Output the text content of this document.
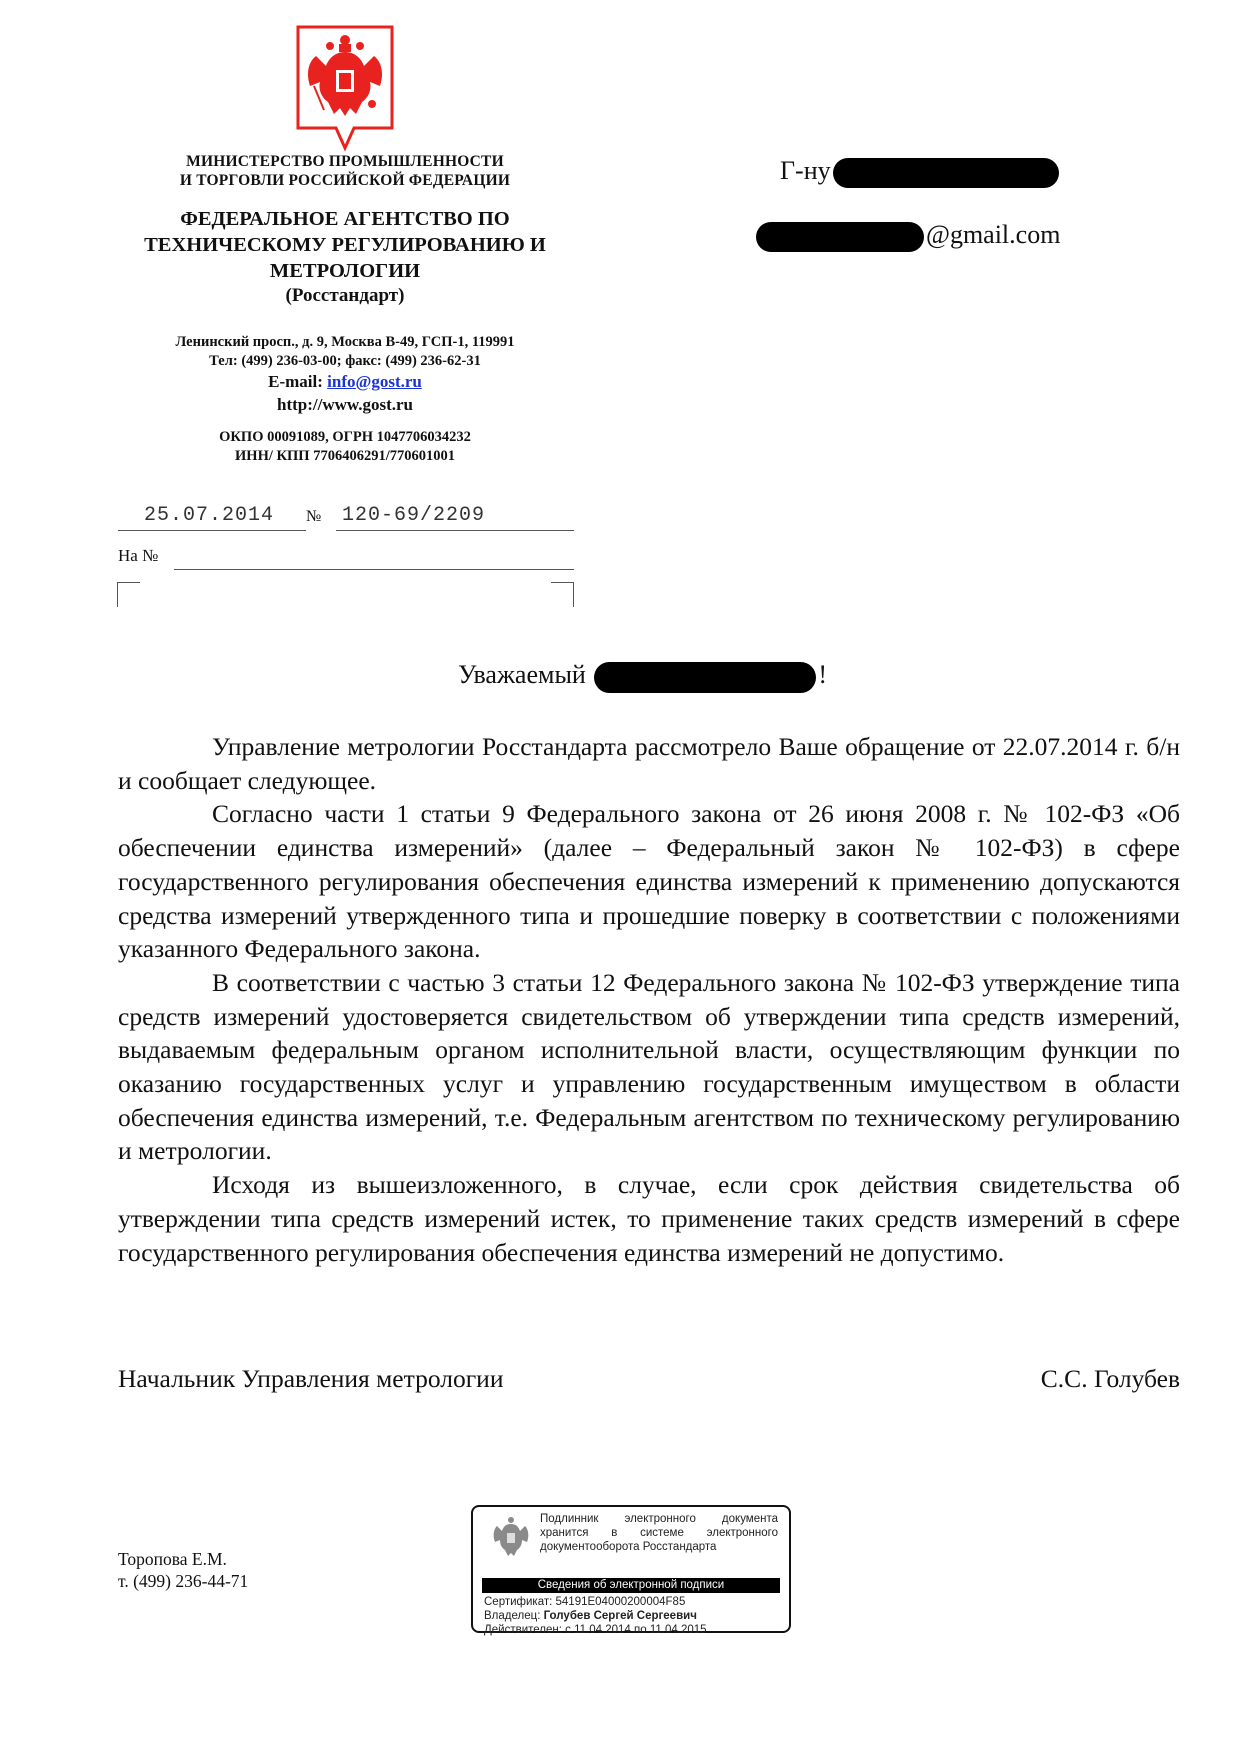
МИНИСТЕРСТВО ПРОМЫШЛЕННОСТИ
И ТОРГОВЛИ РОССИЙСКОЙ ФЕДЕРАЦИИ
ФЕДЕРАЛЬНОЕ АГЕНТСТВО ПО
ТЕХНИЧЕСКОМУ РЕГУЛИРОВАНИЮ И
МЕТРОЛОГИИ
(Росстандарт)
Ленинский просп., д. 9, Москва В-49, ГСП-1, 119991
Тел: (499) 236-03-00; факс: (499) 236-62-31
E-mail: info@gost.ru
http://www.gost.ru
ОКПО 00091089, ОГРН 1047706034232
ИНН/ КПП 7706406291/770601001
25.07.2014	№	120-69/2209
На №
Г-ну
@gmail.com
Уважаемый	!

Управление метрологии Росстандарта рассмотрело Ваше обращение от 22.07.2014 г. б/н и сообщает следующее.

Согласно части 1 статьи 9 Федерального закона от 26 июня 2008 г. № 102-ФЗ «Об обеспечении единства измерений» (далее – Федеральный закон № 102-ФЗ) в сфере государственного регулирования обеспечения единства измерений к применению допускаются средства измерений утвержденного типа и прошедшие поверку в соответствии с положениями указанного Федерального закона.

В соответствии с частью 3 статьи 12 Федерального закона № 102-ФЗ утверждение типа средств измерений удостоверяется свидетельством об утверждении типа средств измерений, выдаваемым федеральным органом исполнительной власти, осуществляющим функции по оказанию государственных услуг и управлению государственным имуществом в области обеспечения единства измерений, т.е. Федеральным агентством по техническому регулированию и метрологии.

Исходя из вышеизложенного, в случае, если срок действия свидетельства об утверждении типа средств измерений истек, то применение таких средств измерений в сфере государственного регулирования обеспечения единства измерений не допустимо.

Начальник Управления метрологии	С.С. Голубев
Торопова Е.М.
т. (499) 236-44-71
Подлинник электронного документа хранится в системе электронного документооборота Росстандарта
Сведения об электронной подписи
Сертификат: 54191E04000200004F85
Владелец: Голубев Сергей Сергеевич
Действителен: с 11.04.2014 по 11.04.2015
